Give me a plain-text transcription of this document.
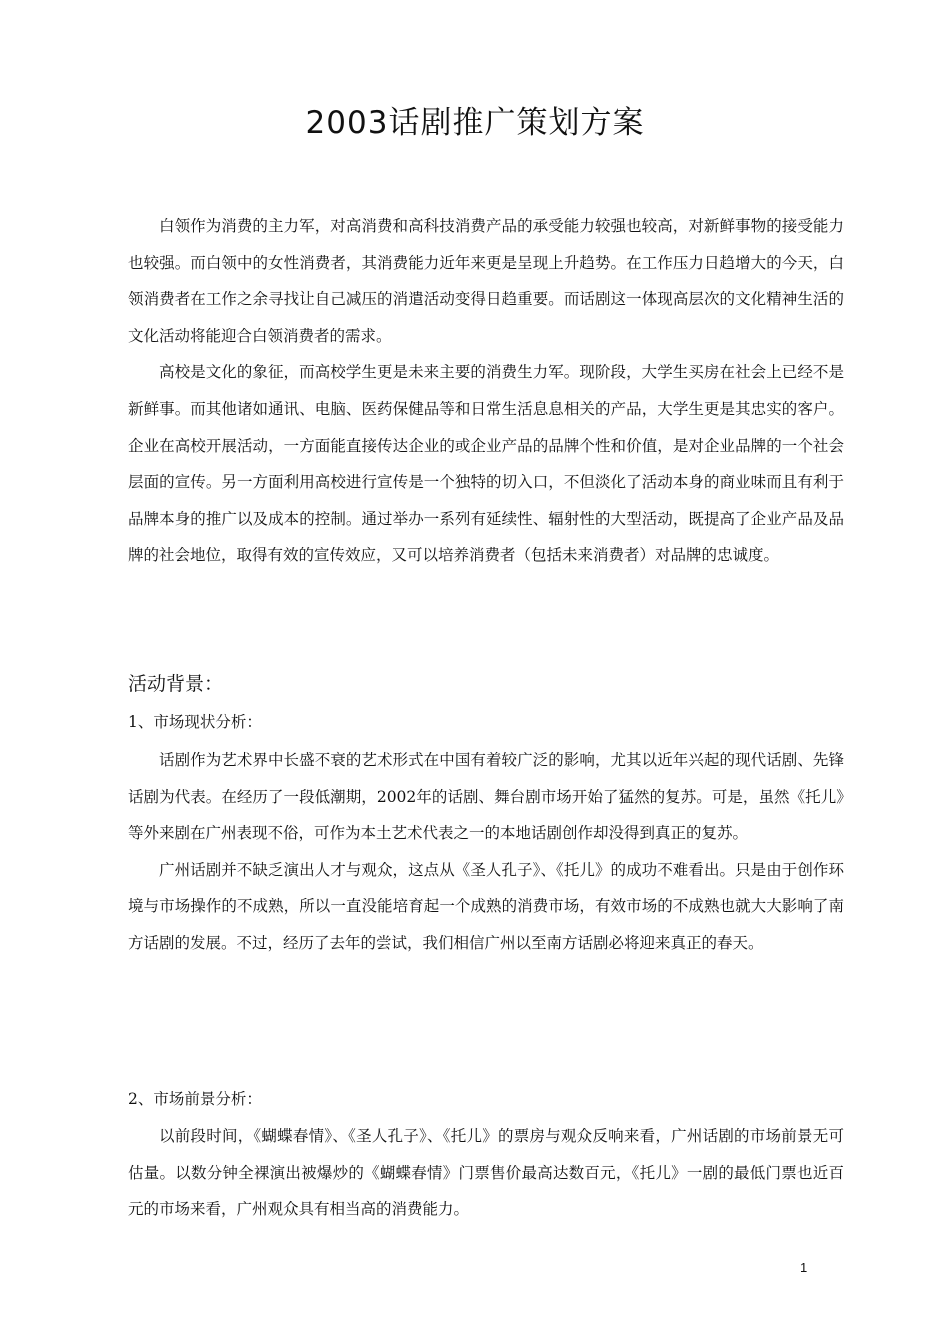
2003话剧推广策划方案

白领作为消费的主力军，对高消费和高科技消费产品的承受能力较强也较高，对新鲜事物的接受能力也较强。而白领中的女性消费者，其消费能力近年来更是呈现上升趋势。在工作压力日趋增大的今天，白领消费者在工作之余寻找让自己减压的消遣活动变得日趋重要。而话剧这一体现高层次的文化精神生活的文化活动将能迎合白领消费者的需求。

高校是文化的象征，而高校学生更是未来主要的消费生力军。现阶段，大学生买房在社会上已经不是新鲜事。而其他诸如通讯、电脑、医药保健品等和日常生活息息相关的产品，大学生更是其忠实的客户。企业在高校开展活动，一方面能直接传达企业的或企业产品的品牌个性和价值，是对企业品牌的一个社会层面的宣传。另一方面利用高校进行宣传是一个独特的切入口，不但淡化了活动本身的商业味而且有利于品牌本身的推广以及成本的控制。通过举办一系列有延续性、辐射性的大型活动，既提高了企业产品及品牌的社会地位，取得有效的宣传效应，又可以培养消费者（包括未来消费者）对品牌的忠诚度。

活动背景：
1、市场现状分析：

话剧作为艺术界中长盛不衰的艺术形式在中国有着较广泛的影响，尤其以近年兴起的现代话剧、先锋话剧为代表。在经历了一段低潮期，2002年的话剧、舞台剧市场开始了猛然的复苏。可是，虽然《托儿》等外来剧在广州表现不俗，可作为本土艺术代表之一的本地话剧创作却没得到真正的复苏。

广州话剧并不缺乏演出人才与观众，这点从《圣人孔子》、《托儿》的成功不难看出。只是由于创作环境与市场操作的不成熟，所以一直没能培育起一个成熟的消费市场，有效市场的不成熟也就大大影响了南方话剧的发展。不过，经历了去年的尝试，我们相信广州以至南方话剧必将迎来真正的春天。

2、市场前景分析：

以前段时间，《蝴蝶春情》、《圣人孔子》、《托儿》的票房与观众反响来看，广州话剧的市场前景无可估量。以数分钟全裸演出被爆炒的《蝴蝶春情》门票售价最高达数百元，《托儿》一剧的最低门票也近百元的市场来看，广州观众具有相当高的消费能力。

1
